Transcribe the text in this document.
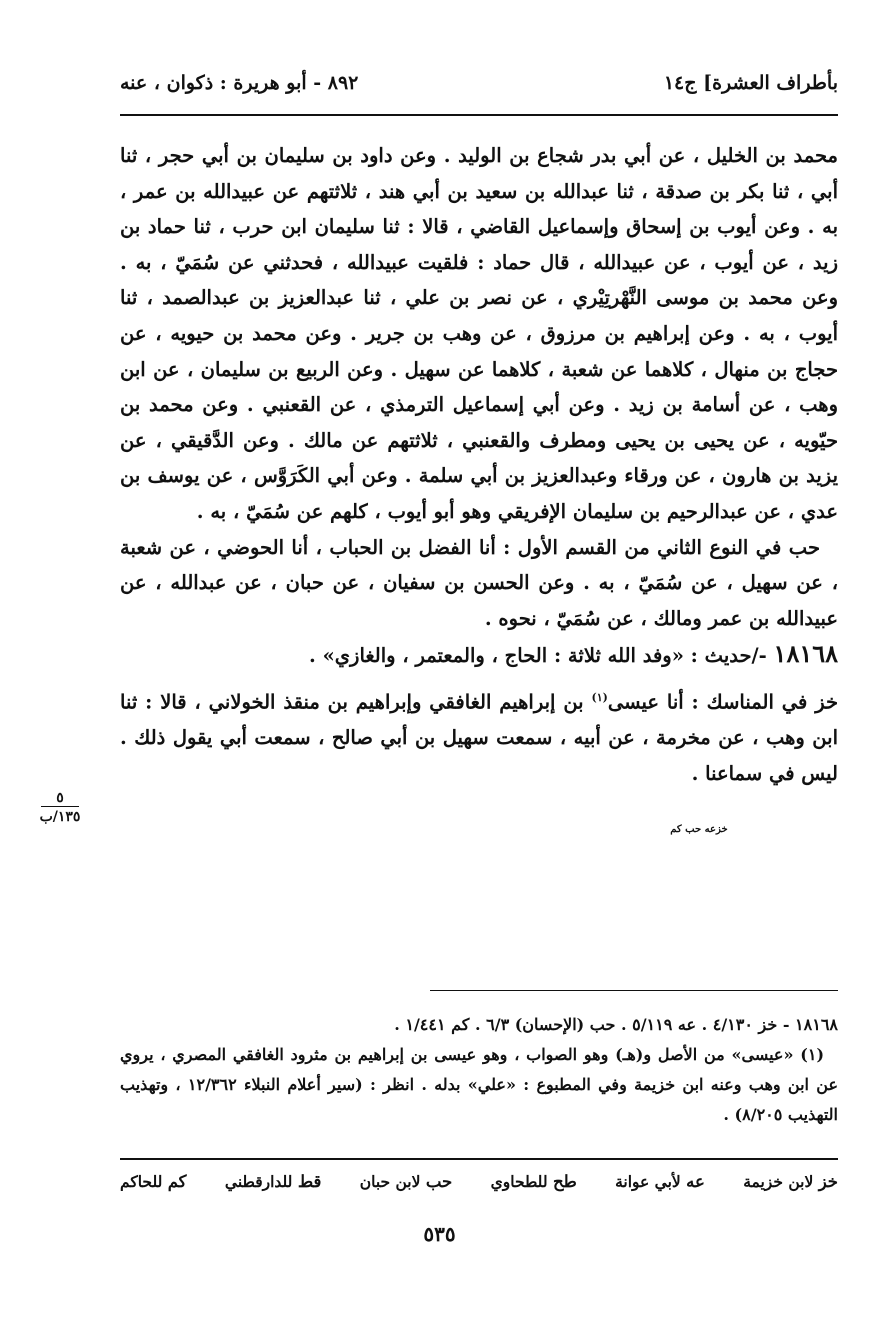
بأطراف العشرة] ج١٤
٨٩٢ - أبو هريرة : ذكوان ، عنه

محمد بن الخليل ، عن أبي بدر شجاع بن الوليد . وعن داود بن سليمان بن أبي حجر ، ثنا أبي ، ثنا بكر بن صدقة ، ثنا عبدالله بن سعيد بن أبي هند ، ثلاثتهم عن عبيدالله بن عمر ، به . وعن أيوب بن إسحاق وإسماعيل القاضي ، قالا : ثنا سليمان ابن حرب ، ثنا حماد بن زيد ، عن أيوب ، عن عبيدالله ، قال حماد : فلقيت عبيدالله ، فحدثني عن سُمَيّ ، به . وعن محمد بن موسى النَّهْرتِيْري ، عن نصر بن علي ، ثنا عبدالعزيز بن عبدالصمد ، ثنا أيوب ، به . وعن إبراهيم بن مرزوق ، عن وهب بن جرير . وعن محمد بن حيويه ، عن حجاج بن منهال ، كلاهما عن شعبة ، كلاهما عن سهيل . وعن الربيع بن سليمان ، عن ابن وهب ، عن أسامة بن زيد . وعن أبي إسماعيل الترمذي ، عن القعنبي . وعن محمد بن حيّويه ، عن يحيى بن يحيى ومطرف والقعنبي ، ثلاثتهم عن مالك . وعن الدَّقيقي ، عن يزيد بن هارون ، عن ورقاء وعبدالعزيز بن أبي سلمة . وعن أبي الكَرَوَّس ، عن يوسف بن عدي ، عن عبدالرحيم بن سليمان الإفريقي وهو أبو أيوب ، كلهم عن سُمَيّ ، به .

حب في النوع الثاني من القسم الأول : أنا الفضل بن الحباب ، أنا الحوضي ، عن شعبة ، عن سهيل ، عن سُمَيّ ، به . وعن الحسن بن سفيان ، عن حبان ، عن عبدالله ، عن عبيدالله بن عمر ومالك ، عن سُمَيّ ، نحوه .

١٨١٦٨ -/حديث : «وفد الله ثلاثة : الحاج ، والمعتمر ، والغازي» .

خز في المناسك : أنا عيسى$^{(١)}$ بن إبراهيم الغافقي وإبراهيم بن منقذ الخولاني ، قالا : ثنا ابن وهب ، عن مخرمة ، عن أبيه ، سمعت سهيل بن أبي صالح ، سمعت أبي يقول ذلك . ليس في سماعنا .

خزعه حب كم
٥
١٣٥/ب

١٨١٦٨ - خز ٤/١٣٠ . عه ٥/١١٩ . حب (الإحسان) ٦/٣ . كم ١/٤٤١ .

(١) «عيسى» من الأصل و(هـ) وهو الصواب ، وهو عيسى بن إبراهيم بن مثرود الغافقي المصري ، يروي عن ابن وهب وعنه ابن خزيمة وفي المطبوع : «علي» بدله . انظر : (سير أعلام النبلاء ١٢/٣٦٢ ، وتهذيب التهذيب ٨/٢٠٥) .

خز لابن خزيمة
عه لأبي عوانة
طح للطحاوي
حب لابن حبان
قط للدارقطني
كم للحاكم
٥٣٥
